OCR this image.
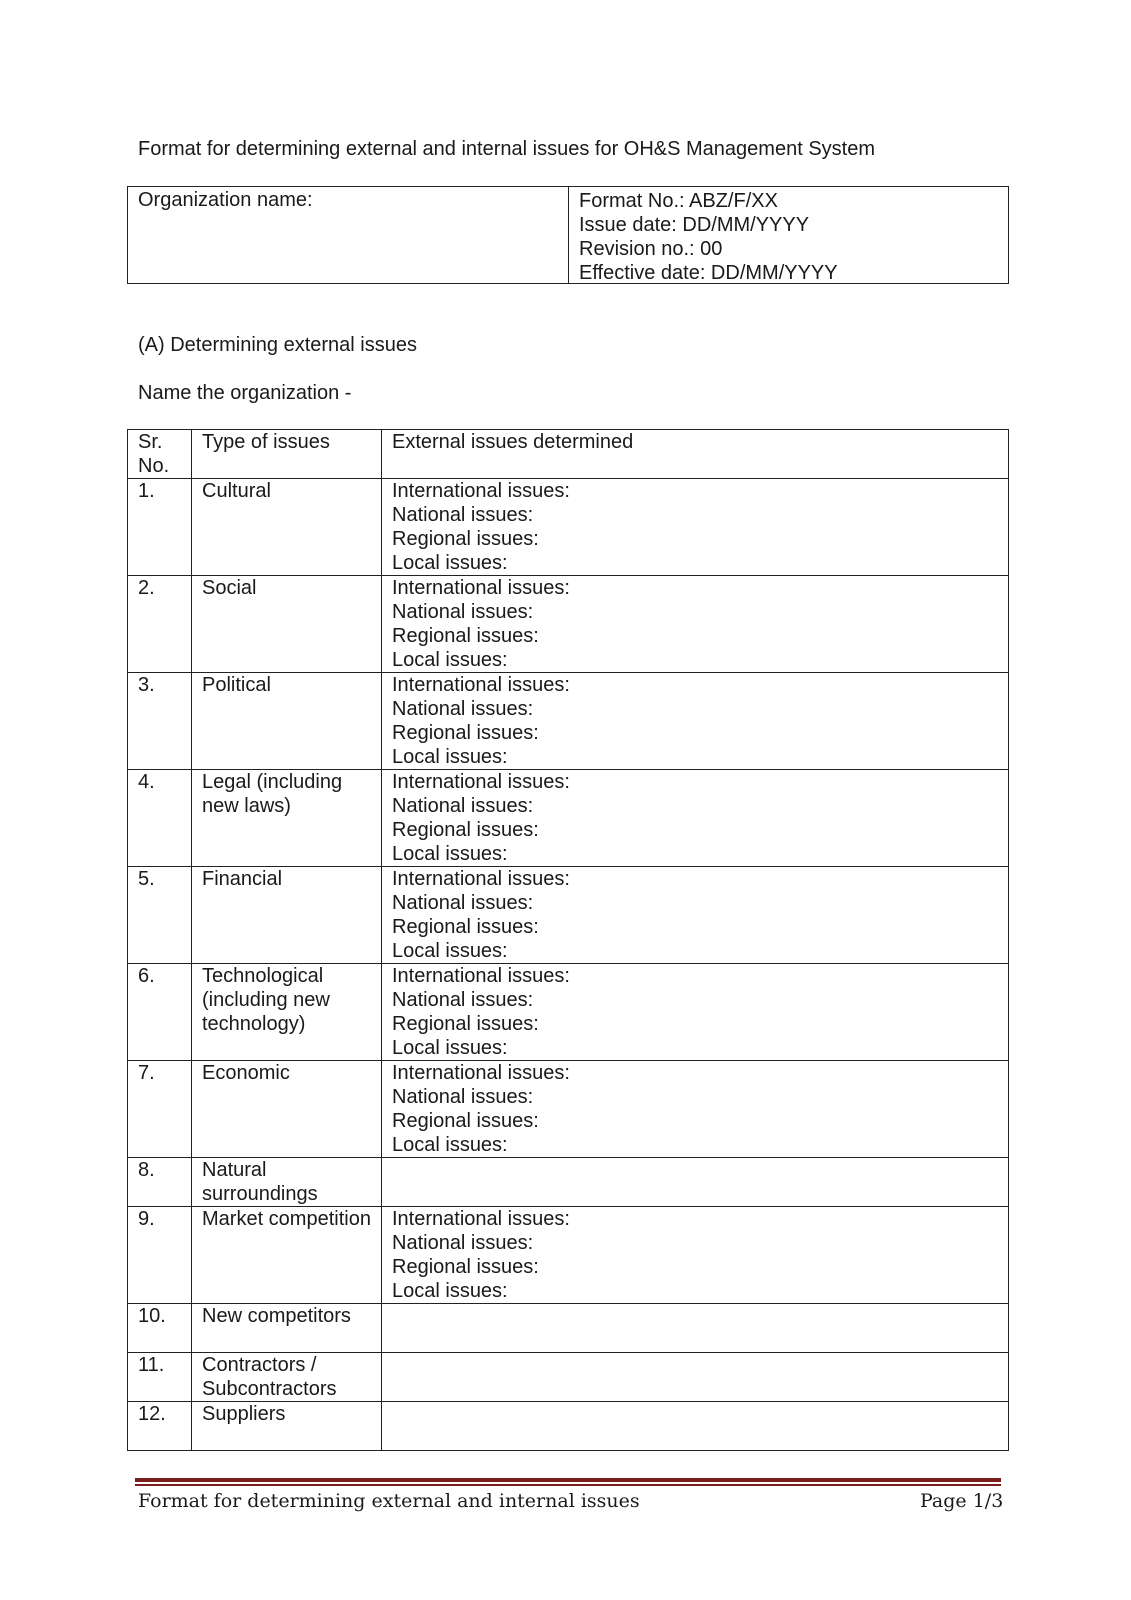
Format for determining external and internal issues for OH&S Management System
Organization name:	Format No.: ABZ/F/XX
Issue date: DD/MM/YYYY
Revision no.: 00
Effective date: DD/MM/YYYY
(A) Determining external issues
Name the organization -
Sr. No.	Type of issues	External issues determined
1.	Cultural	International issues:
National issues:
Regional issues:
Local issues:

2.	Social	International issues:
National issues:
Regional issues:
Local issues:

3.	Political	International issues:
National issues:
Regional issues:
Local issues:

4.	Legal (including new laws)	International issues:
National issues:
Regional issues:
Local issues:

5.	Financial	International issues:
National issues:
Regional issues:
Local issues:

6.	Technological (including new technology)	International issues:
National issues:
Regional issues:
Local issues:

7.	Economic	International issues:
National issues:
Regional issues:
Local issues:

8.	Natural surroundings	
9.	Market competition	International issues:
National issues:
Regional issues:
Local issues:

10.	New competitors	
11.	Contractors / Subcontractors	
12.	Suppliers	
Format for determining external and internal issues	Page 1/3
